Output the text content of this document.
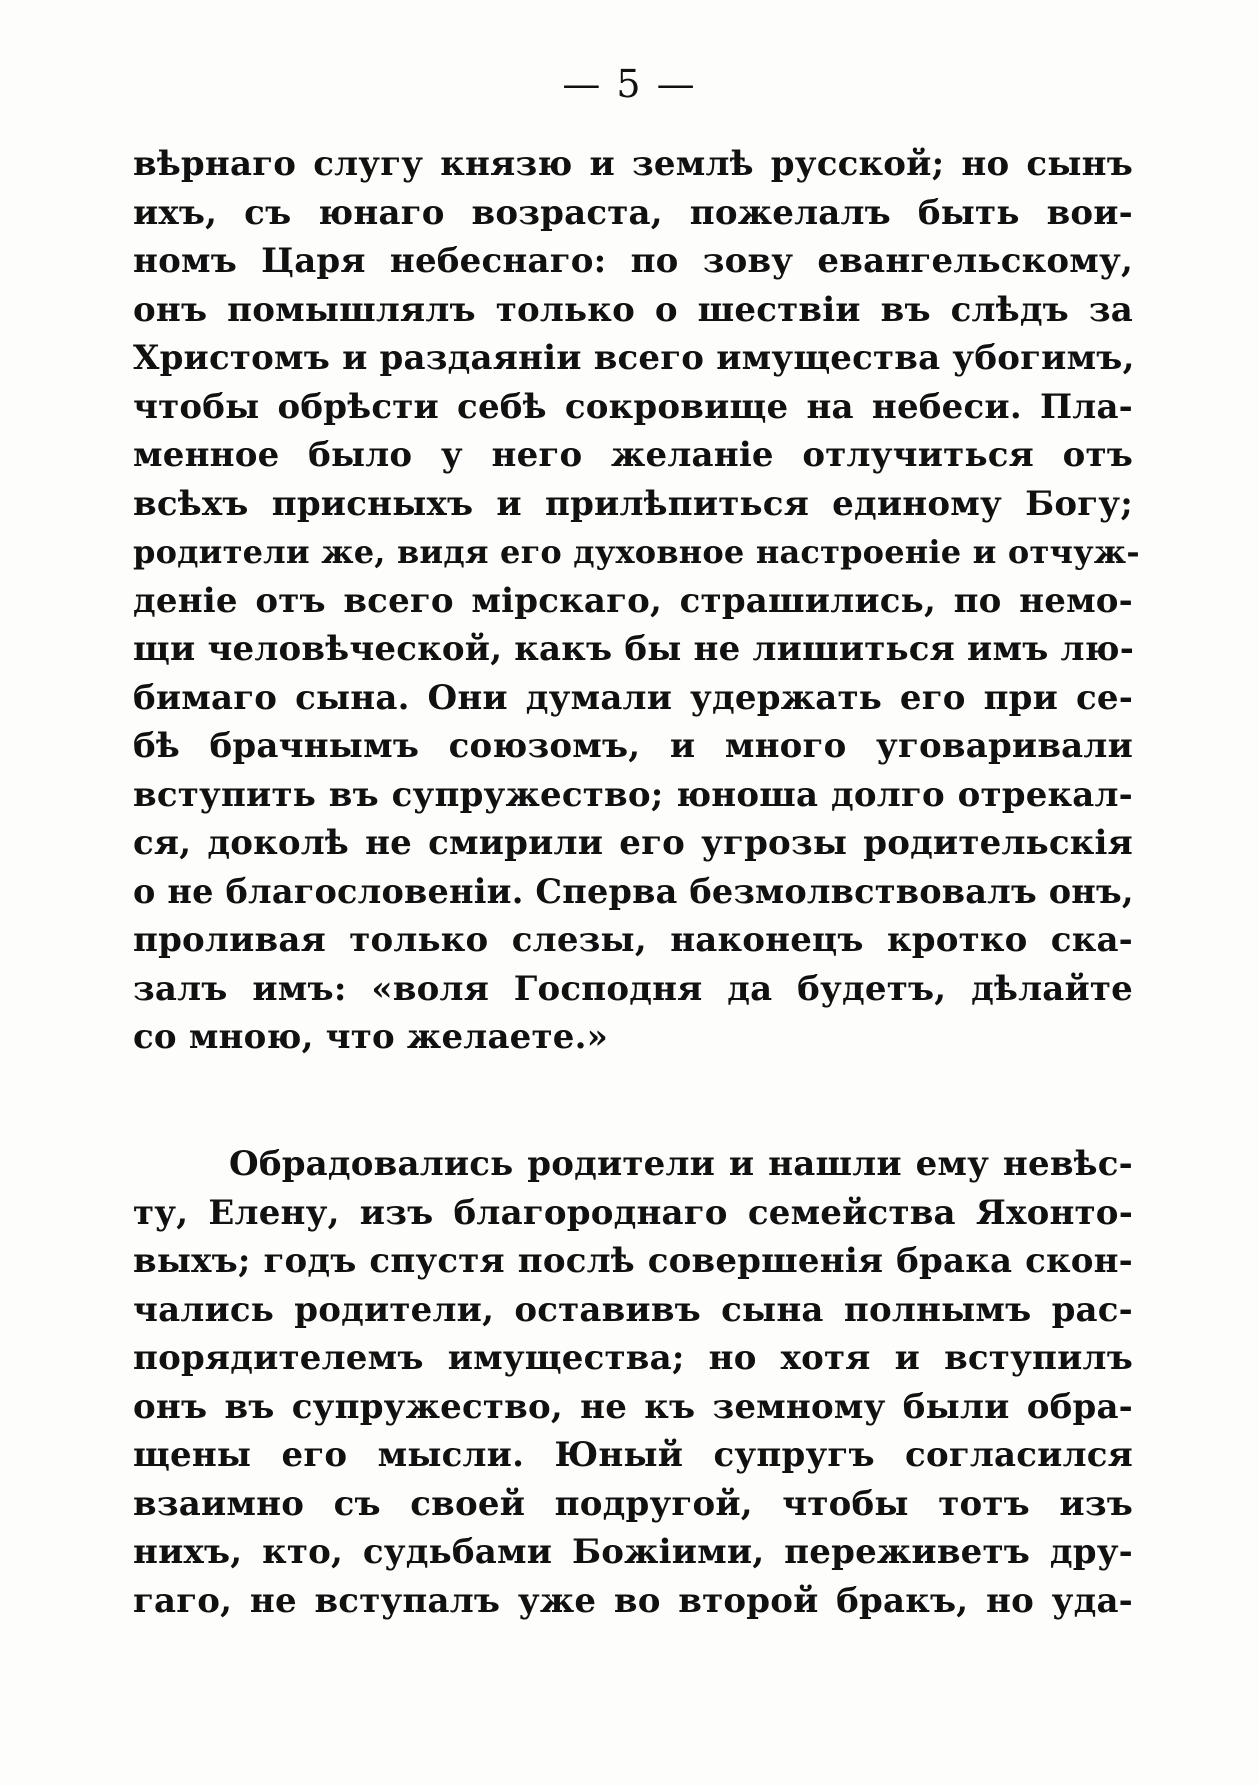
— 5 —
вѣрнаго слугу князю и землѣ русской; но сынъ
ихъ, съ юнаго возраста, пожелалъ быть вои-
номъ Царя небеснаго: по зову евангельскому,
онъ помышлялъ только о шествіи въ слѣдъ за
Христомъ и раздаяніи всего имущества убогимъ,
чтобы обрѣсти себѣ сокровище на небеси. Пла-
менное было у него желаніе отлучиться отъ
всѣхъ присныхъ и прилѣпиться единому Богу;
родители же, видя его духовное настроеніе и отчуж-
деніе отъ всего мірскаго, страшились, по немо-
щи человѣческой, какъ бы не лишиться имъ лю-
бимаго сына. Они думали удержать его при се-
бѣ брачнымъ союзомъ, и много уговаривали
вступить въ супружество; юноша долго отрекал-
ся, доколѣ не смирили его угрозы родительскія
о не благословеніи. Сперва безмолвствовалъ онъ,
проливая только слезы, наконецъ кротко ска-
залъ имъ: «воля Господня да будетъ, дѣлайте
со мною, что желаете.»
Обрадовались родители и нашли ему невѣс-
ту, Елену, изъ благороднаго семейства Яхонто-
выхъ; годъ спустя послѣ совершенія брака скон-
чались родители, оставивъ сына полнымъ рас-
порядителемъ имущества; но хотя и вступилъ
онъ въ супружество, не къ земному были обра-
щены его мысли. Юный супругъ согласился
взаимно съ своей подругой, чтобы тотъ изъ
нихъ, кто, судьбами Божіими, переживетъ дру-
гаго, не вступалъ уже во второй бракъ, но уда-
